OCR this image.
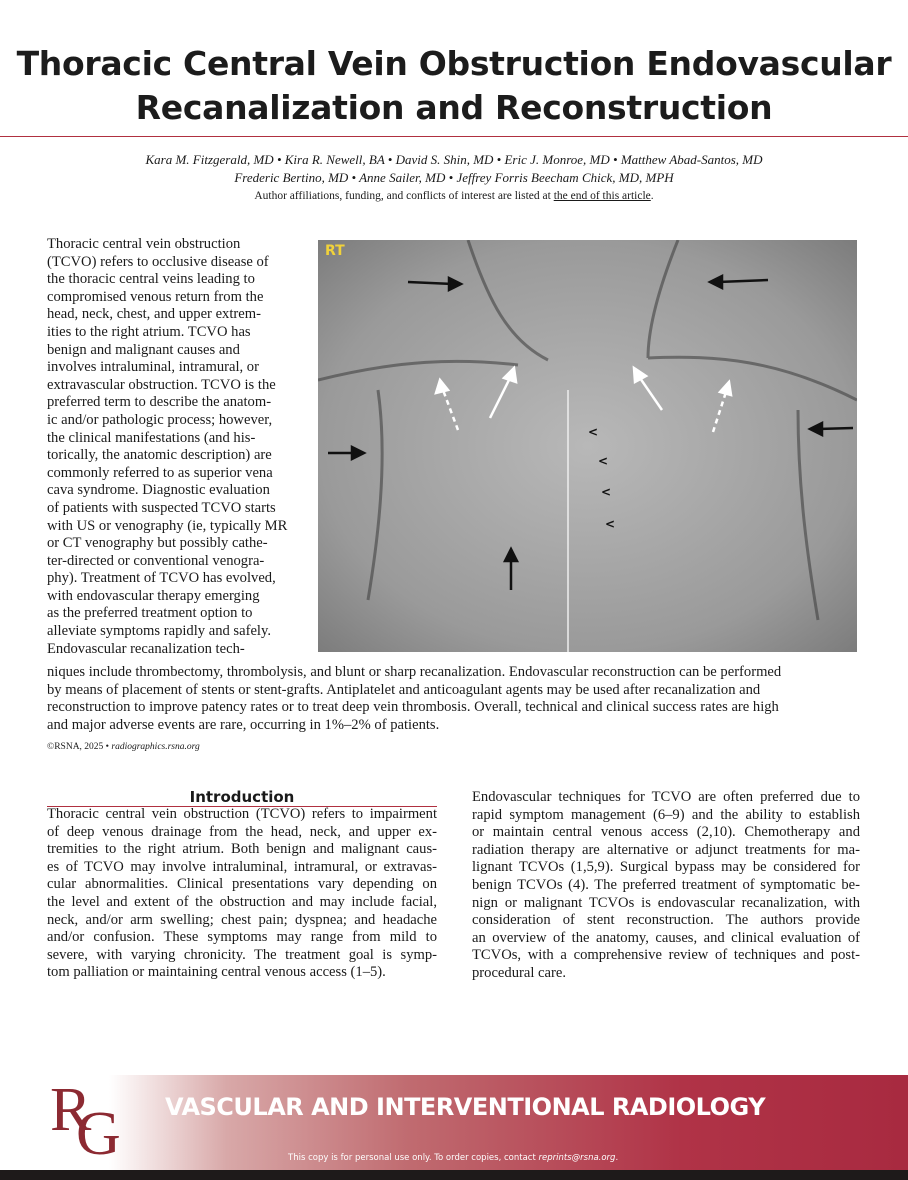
Thoracic Central Vein Obstruction Endovascular
Recanalization and Reconstruction
Kara M. Fitzgerald, MD • Kira R. Newell, BA • David S. Shin, MD • Eric J. Monroe, MD • Matthew Abad-Santos, MD
Frederic Bertino, MD • Anne Sailer, MD • Jeffrey Forris Beecham Chick, MD, MPH
Author affiliations, funding, and conflicts of interest are listed at the end of this article.
Thoracic central vein obstruction
(TCVO) refers to occlusive disease of
the thoracic central veins leading to
compromised venous return from the
head, neck, chest, and upper extrem-
ities to the right atrium. TCVO has
benign and malignant causes and
involves intraluminal, intramural, or
extravascular obstruction. TCVO is the
preferred term to describe the anatom-
ic and/or pathologic process; however,
the clinical manifestations (and his-
torically, the anatomic description) are
commonly referred to as superior vena
cava syndrome. Diagnostic evaluation
of patients with suspected TCVO starts
with US or venography (ie, typically MR
or CT venography but possibly cathe-
ter-directed or conventional venogra-
phy). Treatment of TCVO has evolved,
with endovascular therapy emerging
as the preferred treatment option to
alleviate symptoms rapidly and safely.
Endovascular recanalization tech-
RT
<
<
<
<
niques include thrombectomy, thrombolysis, and blunt or sharp recanalization. Endovascular reconstruction can be performed
by means of placement of stents or stent-grafts. Antiplatelet and anticoagulant agents may be used after recanalization and
reconstruction to improve patency rates or to treat deep vein thrombosis. Overall, technical and clinical success rates are high
and major adverse events are rare, occurring in 1%–2% of patients.
©RSNA, 2025 • radiographics.rsna.org
Introduction
Thoracic central vein obstruction (TCVO) refers to impairment
of deep venous drainage from the head, neck, and upper ex-
tremities to the right atrium. Both benign and malignant caus-
es of TCVO may involve intraluminal, intramural, or extravas-
cular abnormalities. Clinical presentations vary depending on
the level and extent of the obstruction and may include facial,
neck, and/or arm swelling; chest pain; dyspnea; and headache
and/or confusion. These symptoms may range from mild to
severe, with varying chronicity. The treatment goal is symp-
tom palliation or maintaining central venous access (1–5).
Endovascular techniques for TCVO are often preferred due to
rapid symptom management (6–9) and the ability to establish
or maintain central venous access (2,10). Chemotherapy and
radiation therapy are alternative or adjunct treatments for ma-
lignant TCVOs (1,5,9). Surgical bypass may be considered for
benign TCVOs (4). The preferred treatment of symptomatic be-
nign or malignant TCVOs is endovascular recanalization, with
consideration of stent reconstruction. The authors provide
an overview of the anatomy, causes, and clinical evaluation of
TCVOs, with a comprehensive review of techniques and post-
procedural care.
R
G VASCULAR AND INTERVENTIONAL RADIOLOGY
This copy is for personal use only. To order copies, contact reprints@rsna.org.
